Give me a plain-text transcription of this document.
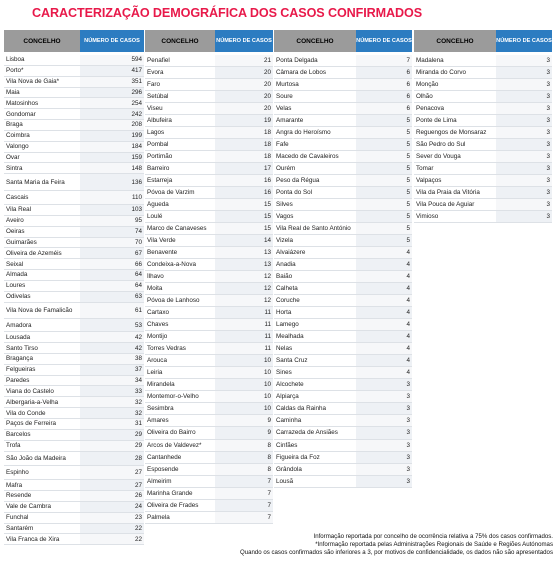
CARACTERIZAÇÃO DEMOGRÁFICA DOS CASOS CONFIRMADOS
CONCELHO	NÚMERO DE CASOS
Lisboa	594
Porto*	417
Vila Nova de Gaia*	351
Maia	296
Matosinhos	254
Gondomar	242
Braga	208
Coimbra	199
Valongo	184
Ovar	159
Sintra	148
Santa Maria da Feira	136
Cascais	110
Vila Real	103
Aveiro	95
Oeiras	74
Guimarães	70
Oliveira de Azeméis	67
Seixal	66
Almada	64
Loures	64
Odivelas	63
Vila Nova de Famalicão	61
Amadora	53
Lousada	42
Santo Tirso	42
Bragança	38
Felgueiras	37
Paredes	34
Viana do Castelo	33
Albergaria-a-Velha	32
Vila do Conde	32
Paços de Ferreira	31
Barcelos	29
Trofa	29
São João da Madeira	28
Espinho	27
Mafra	27
Resende	26
Vale de Cambra	24
Funchal	23
Santarém	22
Vila Franca de Xira	22
CONCELHO	NÚMERO DE CASOS
Penafiel	21
Évora	20
Faro	20
Setúbal	20
Viseu	20
Albufeira	19
Lagos	18
Pombal	18
Portimão	18
Barreiro	17
Estarreja	16
Póvoa de Varzim	16
Águeda	15
Loulé	15
Marco de Canaveses	15
Vila Verde	14
Benavente	13
Condeixa-a-Nova	13
Ílhavo	12
Moita	12
Póvoa de Lanhoso	12
Cartaxo	11
Chaves	11
Montijo	11
Torres Vedras	11
Arouca	10
Leiria	10
Mirandela	10
Montemor-o-Velho	10
Sesimbra	10
Amares	9
Oliveira do Bairro	9
Arcos de Valdevez*	8
Cantanhede	8
Esposende	8
Almeirim	7
Marinha Grande	7
Oliveira de Frades	7
Palmela	7
CONCELHO	NÚMERO DE CASOS
Ponta Delgada	7
Câmara de Lobos	6
Murtosa	6
Soure	6
Velas	6
Amarante	5
Angra do Heroísmo	5
Fafe	5
Macedo de Cavaleiros	5
Ourém	5
Peso da Régua	5
Ponta do Sol	5
Silves	5
Vagos	5
Vila Real de Santo António	5
Vizela	5
Alvaiázere	4
Anadia	4
Baião	4
Calheta	4
Coruche	4
Horta	4
Lamego	4
Mealhada	4
Nelas	4
Santa Cruz	4
Sines	4
Alcochete	3
Alpiarça	3
Caldas da Rainha	3
Caminha	3
Carrazeda de Ansiães	3
Cinfães	3
Figueira da Foz	3
Grândola	3
Lousã	3
CONCELHO	NÚMERO DE CASOS
Madalena	3
Miranda do Corvo	3
Monção	3
Olhão	3
Penacova	3
Ponte de Lima	3
Reguengos de Monsaraz	3
São Pedro do Sul	3
Sever do Vouga	3
Tomar	3
Valpaços	3
Vila da Praia da Vitória	3
Vila Pouca de Aguiar	3
Vimioso	3
Informação reportada por concelho de ocorrência relativa a 75% dos casos confirmados.
*Informação reportada pelas Administrações Regionais de Saúde e Regiões Autónomas
Quando os casos confirmados são inferiores a 3, por motivos de confidencialidade, os dados não são apresentados
